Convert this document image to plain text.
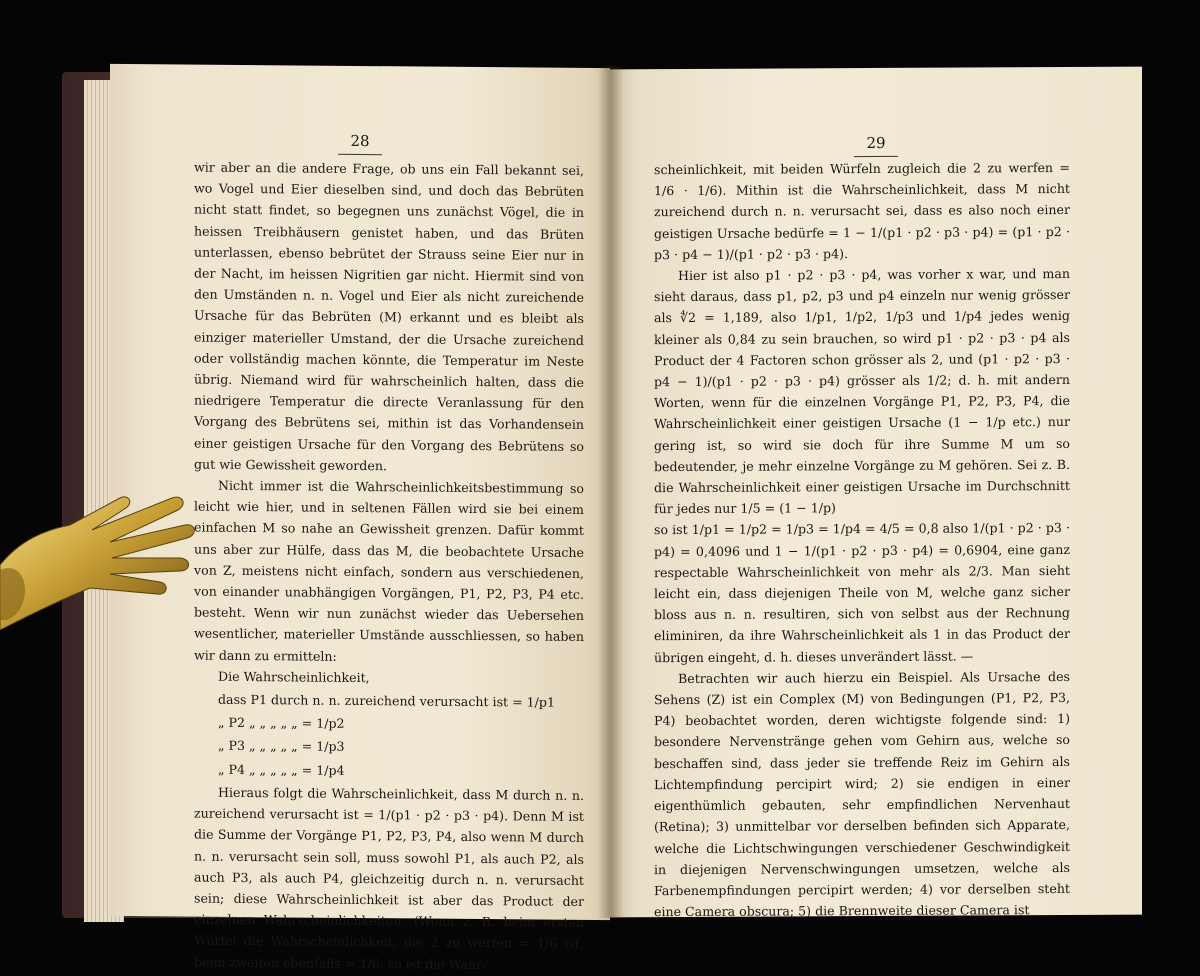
28

wir aber an die andere Frage, ob uns ein Fall bekannt sei, wo Vogel und Eier dieselben sind, und doch das Bebrüten nicht statt findet, so begegnen uns zunächst Vögel, die in heissen Treibhäusern genistet haben, und das Brüten unterlassen, ebenso bebrütet der Strauss seine Eier nur in der Nacht, im heissen Nigritien gar nicht. Hiermit sind von den Umständen n. n. Vogel und Eier als nicht zureichende Ursache für das Bebrüten (M) erkannt und es bleibt als einziger materieller Umstand, der die Ursache zureichend oder vollständig machen könnte, die Temperatur im Neste übrig. Niemand wird für wahrscheinlich halten, dass die niedrigere Temperatur die directe Veranlassung für den Vorgang des Bebrütens sei, mithin ist das Vorhandensein einer geistigen Ursache für den Vorgang des Bebrütens so gut wie Gewissheit geworden.

Nicht immer ist die Wahrscheinlichkeitsbestimmung so leicht wie hier, und in seltenen Fällen wird sie bei einem einfachen M so nahe an Gewissheit grenzen. Dafür kommt uns aber zur Hülfe, dass das M, die beobachtete Ursache von Z, meistens nicht einfach, sondern aus verschiedenen, von einander unabhängigen Vorgängen, P1, P2, P3, P4 etc. besteht. Wenn wir nun zunächst wieder das Uebersehen wesentlicher, materieller Umstände ausschliessen, so haben wir dann zu ermitteln:

Die Wahrscheinlichkeit,

dass P1 durch n. n. zureichend verursacht ist = 1/p1

„ P2 „ „ „ „ „ = 1/p2

„ P3 „ „ „ „ „ = 1/p3

„ P4 „ „ „ „ „ = 1/p4

Hieraus folgt die Wahrscheinlichkeit, dass M durch n. n. zureichend verursacht ist = 1/(p1 · p2 · p3 · p4). Denn M ist die Summe der Vorgänge P1, P2, P3, P4, also wenn M durch n. n. verursacht sein soll, muss sowohl P1, als auch P2, als auch P3, als auch P4, gleichzeitig durch n. n. verursacht sein; diese Wahrscheinlichkeit ist aber das Product der einzelnen Wahrscheinlichkeiten. (Wenn z. B. beim ersten Würfel die Wahrscheinlichkeit, die 2 zu werfen = 1/6 ist, beim zweiten ebenfalls = 1/6, so ist die Wahr-

29

scheinlichkeit, mit beiden Würfeln zugleich die 2 zu werfen = 1/6 · 1/6). Mithin ist die Wahrscheinlichkeit, dass M nicht zureichend durch n. n. verursacht sei, dass es also noch einer geistigen Ursache bedürfe = 1 − 1/(p1 · p2 · p3 · p4) = (p1 · p2 · p3 · p4 − 1)/(p1 · p2 · p3 · p4).

Hier ist also p1 · p2 · p3 · p4, was vorher x war, und man sieht daraus, dass p1, p2, p3 und p4 einzeln nur wenig grösser als ∜2 = 1,189, also 1/p1, 1/p2, 1/p3 und 1/p4 jedes wenig kleiner als 0,84 zu sein brauchen, so wird p1 · p2 · p3 · p4 als Product der 4 Factoren schon grösser als 2, und (p1 · p2 · p3 · p4 − 1)/(p1 · p2 · p3 · p4) grösser als 1/2; d. h. mit andern Worten, wenn für die einzelnen Vorgänge P1, P2, P3, P4, die Wahrscheinlichkeit einer geistigen Ursache (1 − 1/p etc.) nur gering ist, so wird sie doch für ihre Summe M um so bedeutender, je mehr einzelne Vorgänge zu M gehören. Sei z. B. die Wahrscheinlichkeit einer geistigen Ursache im Durchschnitt für jedes nur 1/5 = (1 − 1/p)

so ist 1/p1 = 1/p2 = 1/p3 = 1/p4 = 4/5 = 0,8 also 1/(p1 · p2 · p3 · p4) = 0,4096 und 1 − 1/(p1 · p2 · p3 · p4) = 0,6904, eine ganz respectable Wahrscheinlichkeit von mehr als 2/3. Man sieht leicht ein, dass diejenigen Theile von M, welche ganz sicher bloss aus n. n. resultiren, sich von selbst aus der Rechnung eliminiren, da ihre Wahrscheinlichkeit als 1 in das Product der übrigen eingeht, d. h. dieses unverändert lässt. —

Betrachten wir auch hierzu ein Beispiel. Als Ursache des Sehens (Z) ist ein Complex (M) von Bedingungen (P1, P2, P3, P4) beobachtet worden, deren wichtigste folgende sind: 1) besondere Nervenstränge gehen vom Gehirn aus, welche so beschaffen sind, dass jeder sie treffende Reiz im Gehirn als Lichtempfindung percipirt wird; 2) sie endigen in einer eigenthümlich gebauten, sehr empfindlichen Nervenhaut (Retina); 3) unmittelbar vor derselben befinden sich Apparate, welche die Lichtschwingungen verschiedener Geschwindigkeit in diejenigen Nervenschwingungen umsetzen, welche als Farbenempfindungen percipirt werden; 4) vor derselben steht eine Camera obscura; 5) die Brennweite dieser Camera ist
